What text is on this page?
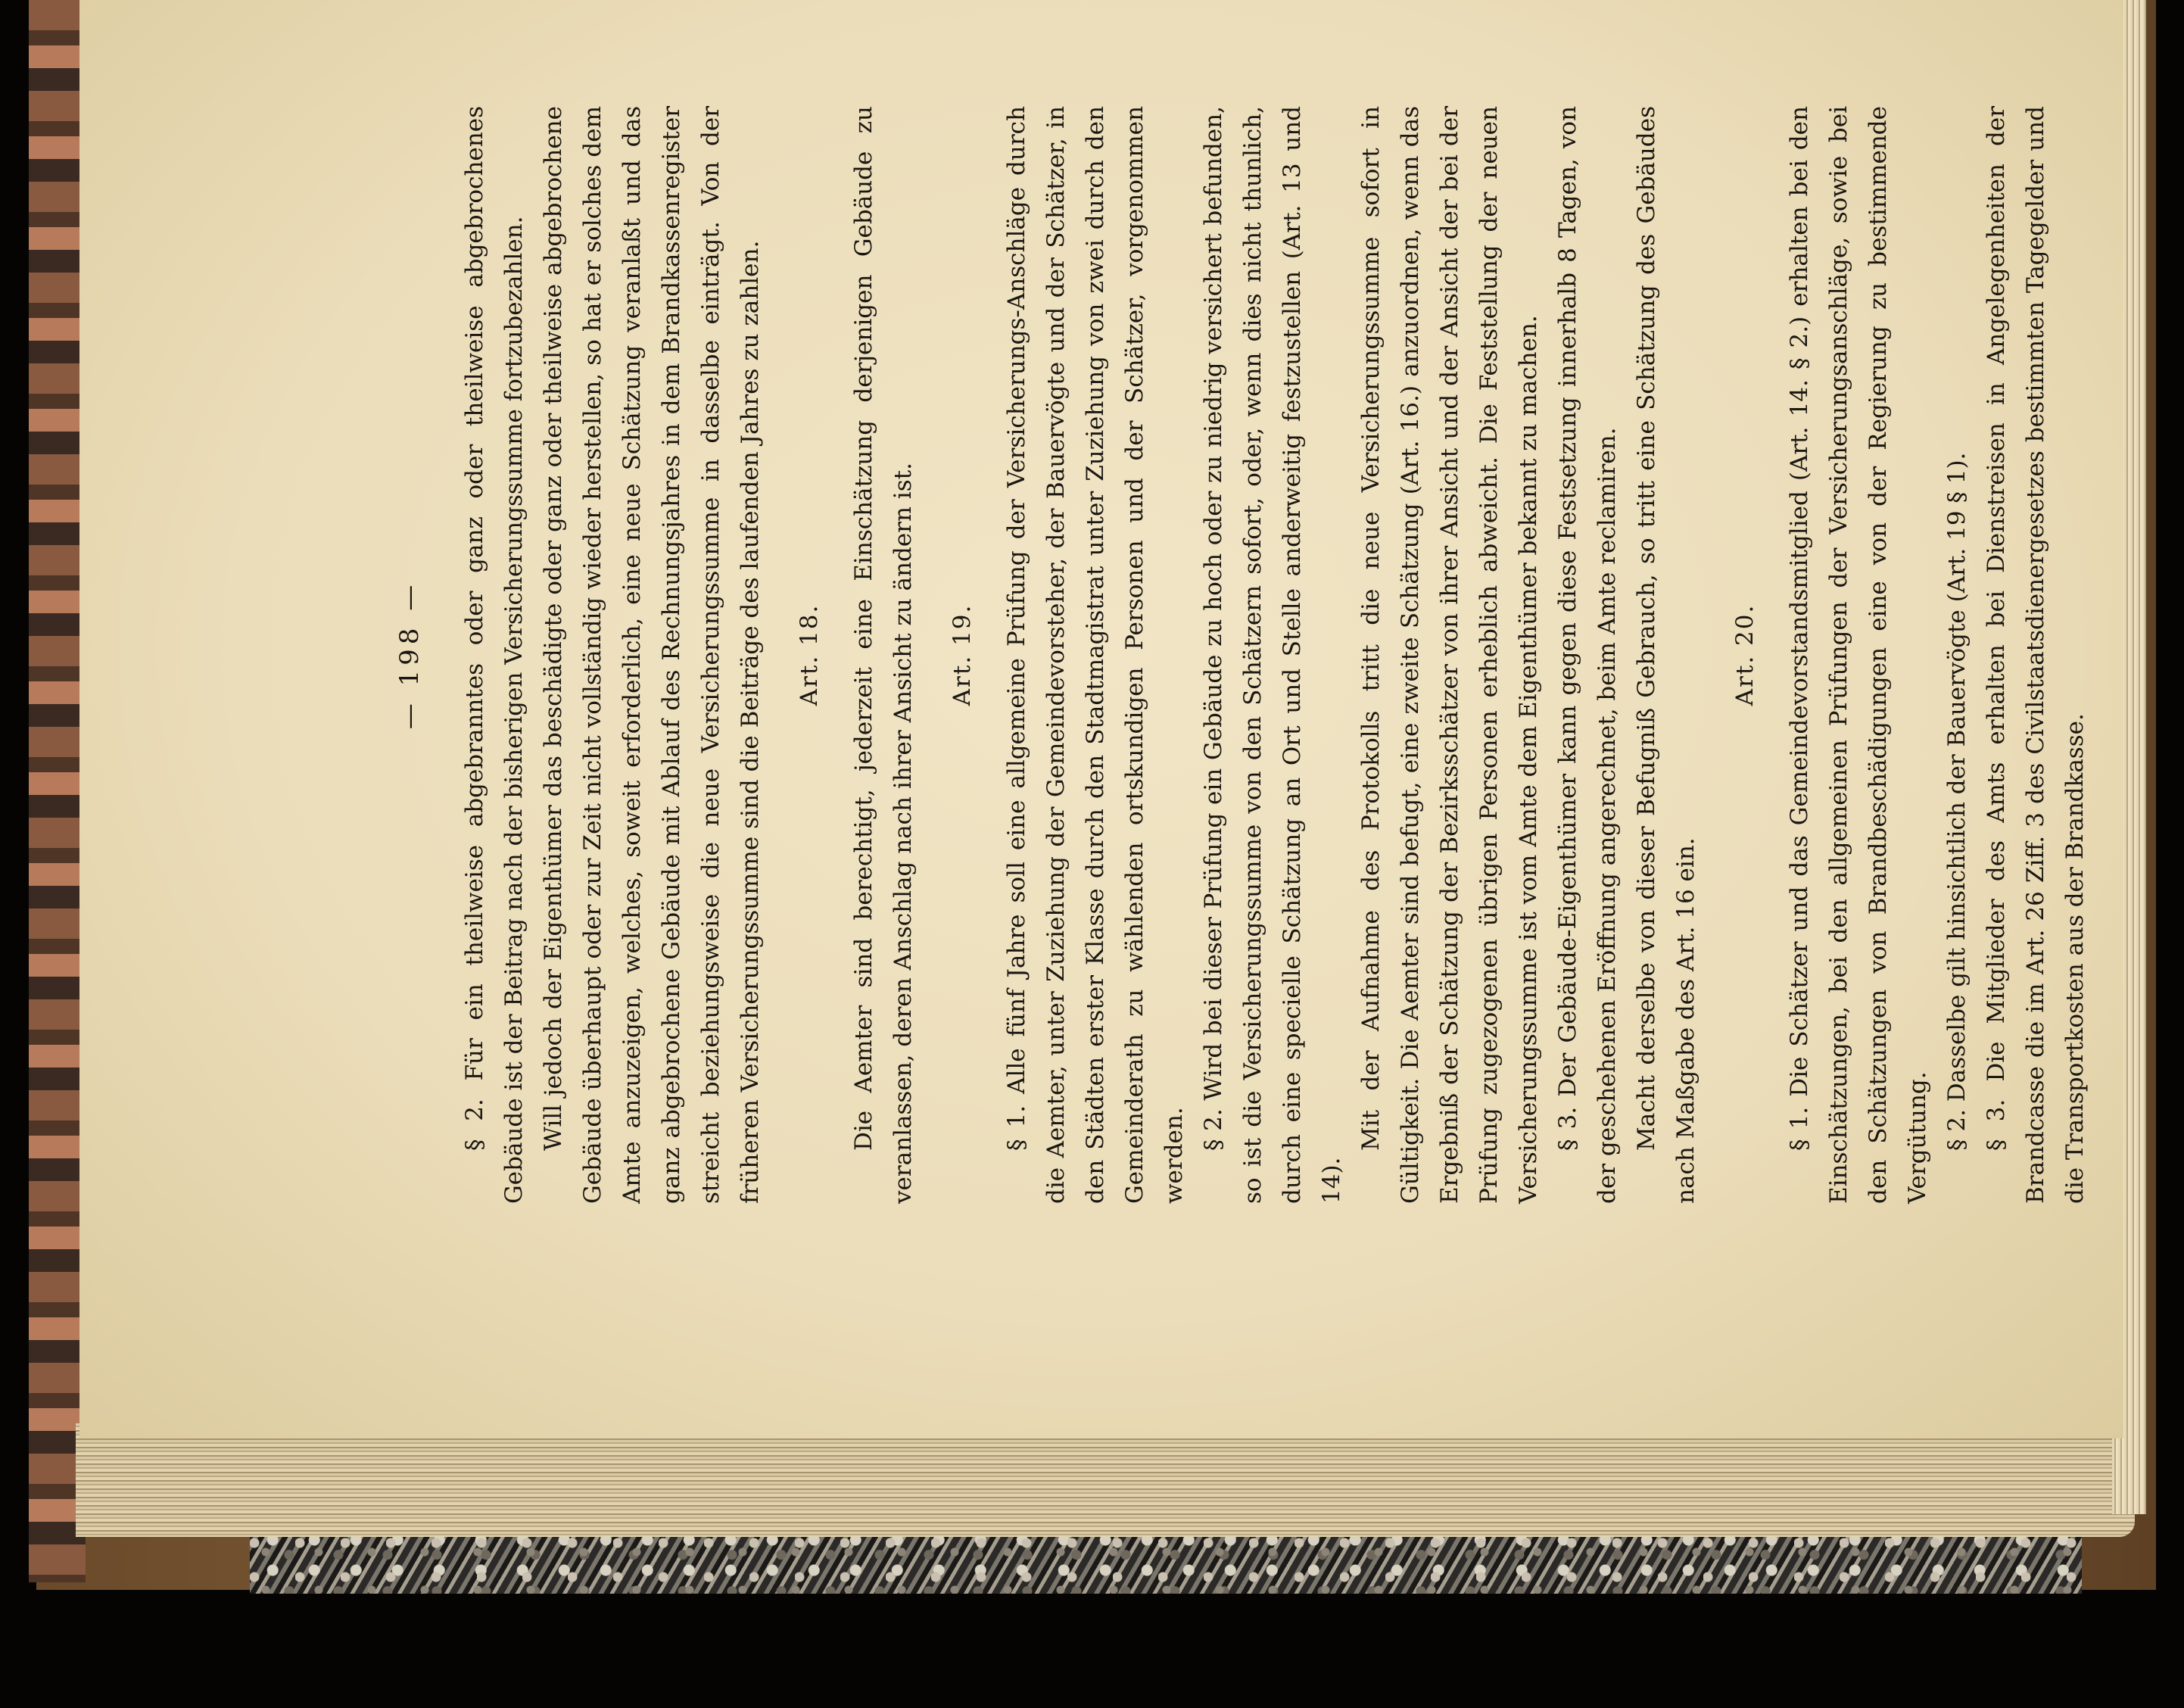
— 198 — § 2. Für ein theilweise abgebranntes oder ganz oder theilweise abgebrochenes Gebäude ist der Beitrag nach der bisherigen Versicherungssumme fortzubezahlen. Will jedoch der Eigenthümer das beschädigte oder ganz oder theilweise abgebrochene Gebäude überhaupt oder zur Zeit nicht vollständig wieder herstellen, so hat er solches dem Amte anzuzeigen, welches, soweit erforderlich, eine neue Schätzung veranlaßt und das ganz abgebrochene Gebäude mit Ablauf des Rechnungsjahres in dem Brandkassenregister streicht beziehungsweise die neue Versicherungssumme in dasselbe einträgt. Von der früheren Versicherungssumme sind die Beiträge des laufenden Jahres zu zahlen. Art. 18. Die Aemter sind berechtigt, jederzeit eine Einschätzung derjenigen Gebäude zu veranlassen, deren Anschlag nach ihrer Ansicht zu ändern ist. Art. 19. § 1. Alle fünf Jahre soll eine allgemeine Prüfung der Versicherungs-Anschläge durch die Aemter, unter Zuziehung der Gemeindevorsteher, der Bauervögte und der Schätzer, in den Städten erster Klasse durch den Stadtmagistrat unter Zuziehung von zwei durch den Gemeinderath zu wählenden ortskundigen Personen und der Schätzer, vorgenommen werden.

§ 2. Wird bei dieser Prüfung ein Gebäude zu hoch oder zu niedrig versichert befunden, so ist die Versicherungssumme von den Schätzern sofort, oder, wenn dies nicht thunlich, durch eine specielle Schätzung an Ort und Stelle anderweitig festzustellen (Art. 13 und 14).

Mit der Aufnahme des Protokolls tritt die neue Versicherungssumme sofort in Gültigkeit. Die Aemter sind befugt, eine zweite Schätzung (Art. 16.) anzuordnen, wenn das Ergebniß der Schätzung der Bezirksschätzer von ihrer Ansicht und der Ansicht der bei der Prüfung zugezogenen übrigen Personen erheblich abweicht. Die Feststellung der neuen Versicherungssumme ist vom Amte dem Eigenthümer bekannt zu machen. § 3. Der Gebäude-Eigenthümer kann gegen diese Festsetzung innerhalb 8 Tagen, von der geschehenen Eröffnung angerechnet, beim Amte reclamiren. Macht derselbe von dieser Befugniß Gebrauch, so tritt eine Schätzung des Gebäudes nach Maßgabe des Art. 16 ein.

Art. 20. § 1. Die Schätzer und das Gemeindevorstandsmitglied (Art. 14. § 2.) erhalten bei den Einschätzungen, bei den allgemeinen Prüfungen der Versicherungsanschläge, sowie bei den Schätzungen von Brandbeschädigungen eine von der Regierung zu bestimmende Vergütung. § 2. Dasselbe gilt hinsichtlich der Bauervögte (Art. 19 § 1). § 3. Die Mitglieder des Amts erhalten bei Dienstreisen in Angelegenheiten der Brandcasse die im Art. 26 Ziff. 3 des Civilstaatsdienergesetzes bestimmten Tagegelder und die Transportkosten aus der Brandkasse.
